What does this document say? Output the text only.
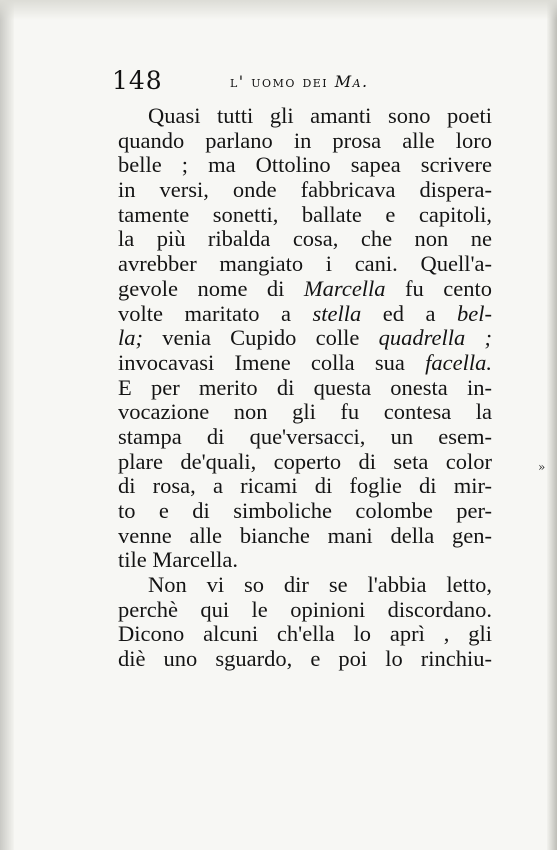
148	l' uomo dei Ma.
Quasi tutti gli amanti sono poeti
quando parlano in prosa alle loro
belle ; ma Ottolino sapea scrivere
in versi, onde fabbricava dispera-
tamente sonetti, ballate e capitoli,
la più ribalda cosa, che non ne
avrebber mangiato i cani. Quell'a-
gevole nome di Marcella fu cento
volte maritato a stella ed a bel-
la; venia Cupido colle quadrella ;
invocavasi Imene colla sua facella.
E per merito di questa onesta in-
vocazione non gli fu contesa la
stampa di que'versacci, un esem-
plare de'quali, coperto di seta color
di rosa, a ricami di foglie di mir-
to e di simboliche colombe per-
venne alle bianche mani della gen-
tile Marcella.
Non vi so dir se l'abbia letto,
perchè qui le opinioni discordano.
Dicono alcuni ch'ella lo aprì , gli
diè uno sguardo, e poi lo rinchiu-
»
